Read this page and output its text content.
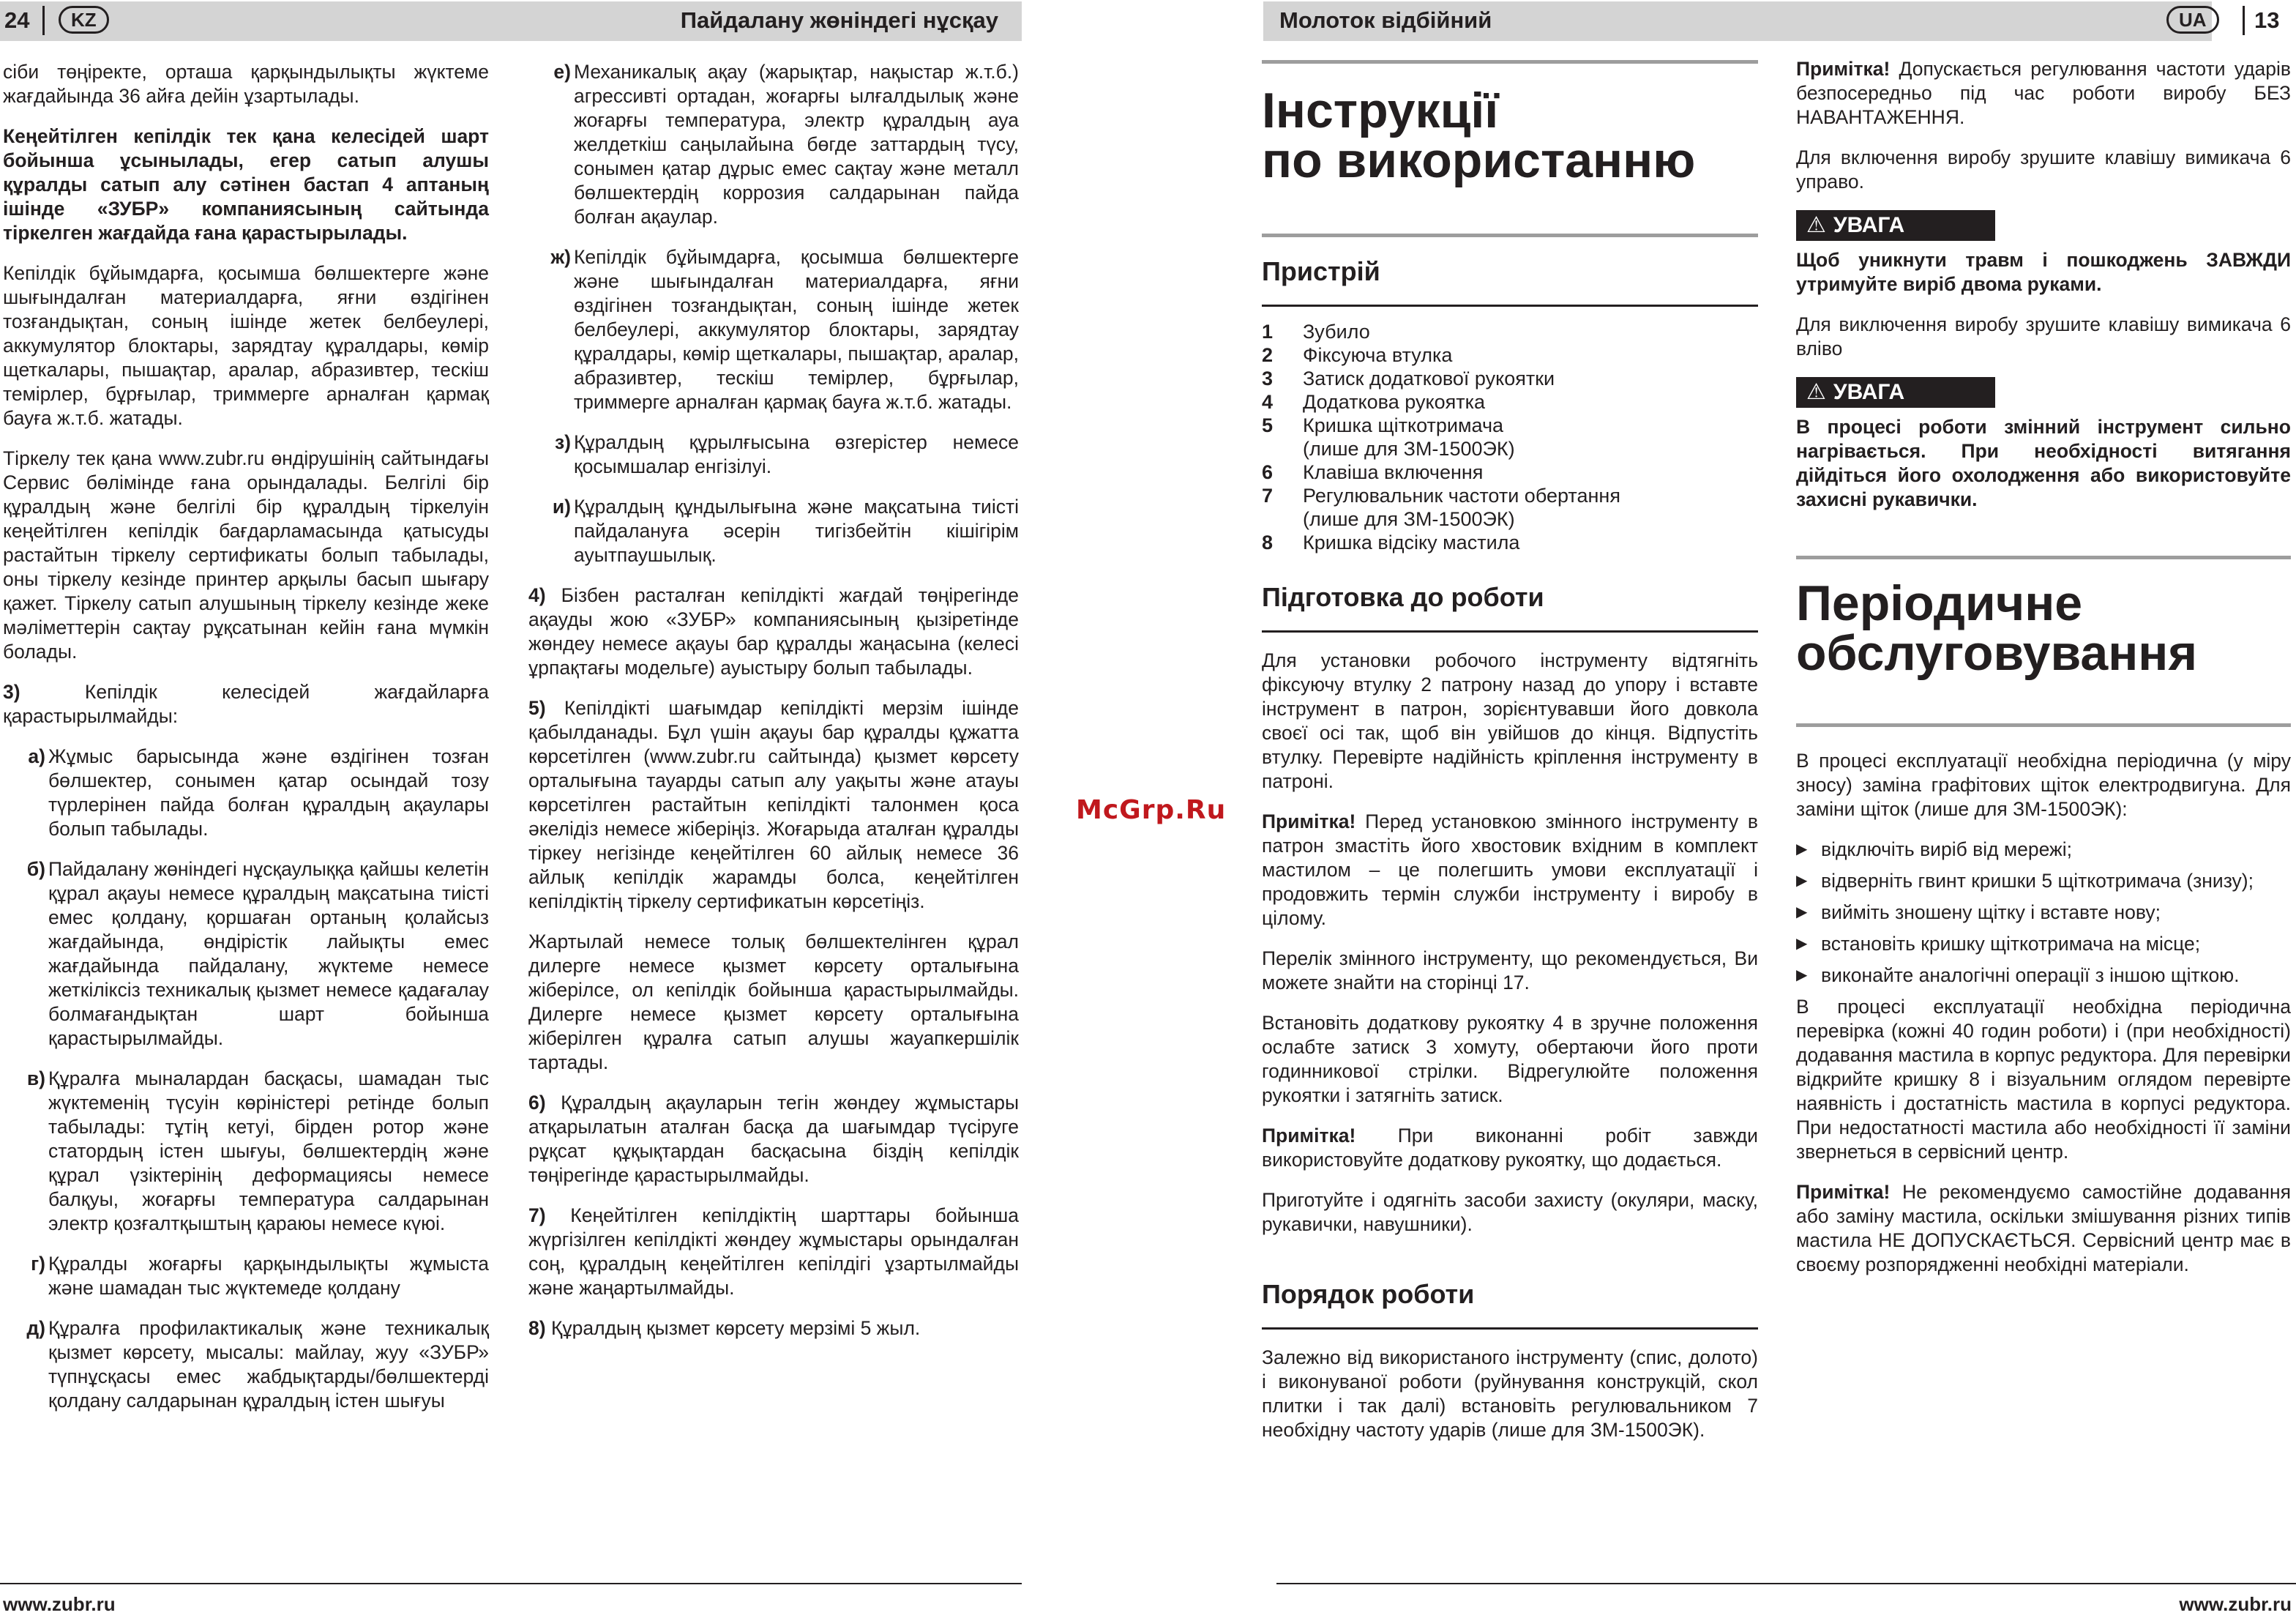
24	KZ	Пайдалану жөніндегі нұсқау

сіби төңіректе, орташа қарқындылықты жүктеме жағдайында 36 айға дейін ұзартылады.

Кеңейтілген кепілдік тек қана келесідей шарт бойынша ұсынылады, егер сатып алушы құралды сатып алу сәтінен бастап 4 аптаның ішінде «ЗУБР» компаниясының сайтында тіркелген жағдайда ғана қарастырылады.

Кепілдік бұйымдарға, қосымша бөлшектерге және шығындалған материалдарға, яғни өздігінен тозғандықтан, соның ішінде жетек белбеулері, аккумулятор блоктары, зарядтау құралдары, көмір щеткалары, пышақтар, аралар, абразивтер, тескіш темірлер, бұрғылар, триммерге арналған қармақ бауға ж.т.б. жатады.

Тіркелу тек қана www.zubr.ru өндірушінің сайтындағы Сервис бөлімінде ғана орындалады. Белгілі бір құралдың және белгілі бір құралдың тіркелуін кеңейтілген кепілдік бағдарламасында қатысуды растайтын тіркелу сертификаты болып табылады, оны тіркелу кезінде принтер арқылы басып шығару қажет. Тіркелу сатып алушының тіркелу кезінде жеке мәліметтерін сақтау рұқсатынан кейін ғана мүмкін болады.

3)	Кепілдік келесідей жағдайларға қарастырылмайды:

а) Жұмыс барысында және өздігінен тозған бөлшектер, сонымен қатар осындай тозу түрлерінен пайда болған құралдың ақаулары болып табылады.
б) Пайдалану жөніндегі нұсқаулыққа қайшы келетін құрал ақауы немесе құралдың мақсатына тиісті емес қолдану, қоршаған ортаның қолайсыз жағдайында, өндірістік лайықты емес жағдайында пайдалану, жүктеме немесе жеткіліксіз техникалық қызмет немесе қадағалау болмағандықтан шарт бойынша қарастырылмайды.
в) Құралға мыналардан басқасы, шамадан тыс жүктеменің түсуін көріністері ретінде болып табылады: тұтің кетуі, бірден ротор және статордың істен шығуы, бөлшектердің және құрал үзіктерінің деформациясы немесе балқуы, жоғарғы температура салдарынан электр қозғалтқыштың қараюы немесе күюі.
г) Құралды жоғарғы қарқындылықты жұмыста және шамадан тыс жүктемеде қолдану
д) Құралға профилактикалық және техникалық қызмет көрсету, мысалы: майлау, жуу «ЗУБР» түпнұсқасы емес жабдықтарды/бөлшектерді қолдану салдарынан құралдың істен шығуы
е) Механикалық ақау (жарықтар, нақыстар ж.т.б.) агрессивті ортадан, жоғарғы ылғалдылық және жоғарғы температура, электр құралдың ауа желдеткіш саңылайына бөгде заттардың түсу, сонымен қатар дұрыс емес сақтау және металл бөлшектердің коррозия салдарынан пайда болған ақаулар.
ж) Кепілдік бұйымдарға, қосымша бөлшектерге және шығындалған материалдарға, яғни өздігінен тозғандықтан, соның ішінде жетек белбеулері, аккумулятор блоктары, зарядтау құралдары, көмір щеткалары, пышақтар, аралар, абразивтер, тескіш темірлер, бұрғылар, триммерге арналған қармақ бауға ж.т.б. жатады.
з) Құралдың құрылғысына өзгерістер немесе қосымшалар енгізілуі.
и) Құралдың құндылығына және мақсатына тиісті пайдалануға әсерін тигізбейтін кішігірім ауытпаушылық.

4) Бізбен расталған кепілдікті жағдай төңірегінде ақауды жою «ЗУБР» компаниясының қызіретінде жөндеу немесе ақауы бар құралды жаңасына (келесі ұрпақтағы модельге) ауыстыру болып табылады.

5) Кепілдікті шағымдар кепілдікті мерзім ішінде қабылданады. Бұл үшін ақауы бар құралды құжатта көрсетілген (www.zubr.ru сайтында) қызмет көрсету орталығына тауарды сатып алу уақыты және атауы көрсетілген растайтын кепілдікті талонмен қоса әкелідіз немесе жіберіңіз. Жоғарыда аталған құралды тіркеу негізінде кеңейтілген 60 айлық немесе 36 айлық кепілдік жарамды болса, кеңейтілген кепілдіктің тіркелу сертификатын көрсетіңіз.

Жартылай немесе толық бөлшектелінген құрал дилерге немесе қызмет көрсету орталығына жіберілсе, ол кепілдік бойынша қарастырылмайды. Дилерге немесе қызмет көрсету орталығына жіберілген құралға сатып алушы жауапкершілік тартады.

6) Құралдың ақауларын тегін жөндеу жұмыстары атқарылатын аталған басқа да шағымдар түсіруге рұқсат құқықтардан басқасына біздің кепілдік төңірегінде қарастырылмайды.

7) Кеңейтілген кепілдіктің шарттары бойынша жүргізілген кепілдікті жөндеу жұмыстары орындалған соң, құралдың кеңейтілген кепілдігі ұзартылмайды және жаңартылмайды.

8) Құралдың қызмет көрсету мерзімі 5 жыл.

www.zubr.ru
McGrp.Ru
Молоток відбійний	UA	13
Інструкції
по використанню
Пристрій
1	Зубило
2	Фіксуюча втулка
3	Затиск додаткової рукоятки
4	Додаткова рукоятка
5	Кришка щіткотримача
(лише для ЗМ-1500ЭК)
6	Клавіша включення
7	Регулювальник частоти обертання
(лише для ЗМ-1500ЭК)
8	Кришка відсіку мастила
Підготовка до роботи

Для установки робочого інструменту відтягніть фіксуючу втулку 2 патрону назад до упору і вставте інструмент в патрон, зорієнтувавши його довкола своєї осі так, щоб він увійшов до кінця. Відпустіть втулку. Перевірте надійність кріплення інструменту в патроні.

Примітка! Перед установкою змінного інструменту в патрон змастіть його хвостовик вхідним в комплект мастилом – це полегшить умови експлуатації і продовжить термін служби інструменту і виробу в цілому.

Перелік змінного інструменту, що рекомендується, Ви можете знайти на сторінці 17.

Встановіть додаткову рукоятку 4 в зручне положення ослабте затиск 3 хомуту, обертаючи його проти годинникової стрілки. Відрегулюйте положення рукоятки і затягніть затиск.

Примітка! При виконанні робіт завжди використовуйте додаткову рукоятку, що додається.

Приготуйте і одягніть засоби захисту (окуляри, маску, рукавички, навушники).

Порядок роботи

Залежно від використаного інструменту (спис, долото) і виконуваної роботи (руйнування конструкцій, скол плитки і так далі) встановіть регулювальником 7 необхідну частоту ударів (лише для ЗМ-1500ЭК).

Примітка! Допускається регулювання частоти ударів безпосередньо під час роботи виробу БЕЗ НАВАНТАЖЕННЯ.

Для включення виробу зрушите клавішу вимикача 6 управо.

⚠ УВАГА

Щоб уникнути травм і пошкоджень ЗАВЖДИ утримуйте виріб двома руками.

Для виключення виробу зрушите клавішу вимикача 6 вліво

⚠ УВАГА

В процесі роботи змінний інструмент сильно нагрівається. При необхідності витягання дійдіться його охолодження або використовуйте захисні рукавички.

Періодичне
обслуговування

В процесі експлуатації необхідна періодична (у міру зносу) заміна графітових щіток електродвигуна. Для заміни щіток (лише для ЗМ-1500ЭК):

▶ відключіть виріб від мережі;
▶ відверніть гвинт кришки 5 щіткотримача (знизу);
▶ вийміть зношену щітку і вставте нову;
▶ встановіть кришку щіткотримача на місце;
▶ виконайте аналогічні операції з іншою щіткою.

В процесі експлуатації необхідна періодична перевірка (кожні 40 годин роботи) і (при необхідності) додавання мастила в корпус редуктора. Для перевірки відкрийте кришку 8 і візуальним оглядом перевірте наявність і достатність мастила в корпусі редуктора. При недостатності мастила або необхідності її заміни звернеться в сервісний центр.

Примітка! Не рекомендуємо самостійне додавання або заміну мастила, оскільки змішування різних типів мастила НЕ ДОПУСКАЄТЬСЯ. Сервісний центр має в своєму розпорядженні необхідні матеріали.

www.zubr.ru
